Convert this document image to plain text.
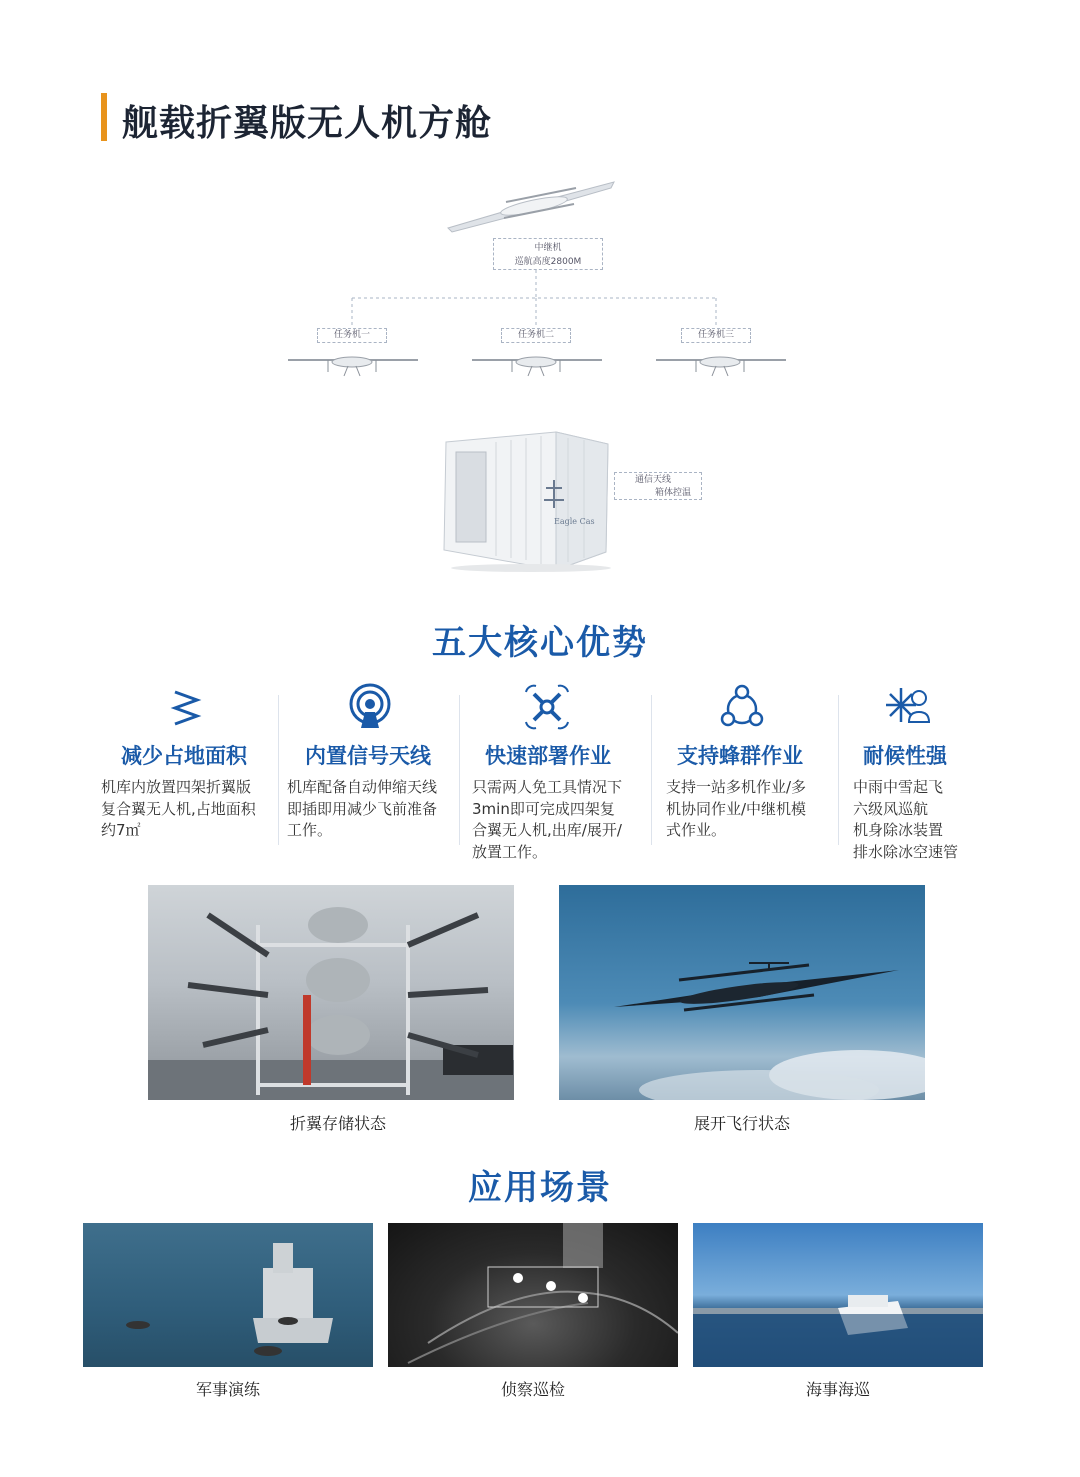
舰载折翼版无人机方舱
中继机
巡航高度2800M
任务机一	任务机二	任务机三
Eagle Cas
通信天线
箱体控温
五大核心优势
减少占地面积
机库内放置四架折翼版
复合翼无人机,占地面积
约7㎡
内置信号天线
机库配备自动伸缩天线
即插即用减少飞前准备
工作。
快速部署作业
只需两人免工具情况下
3min即可完成四架复
合翼无人机,出库/展开/
放置工作。
支持蜂群作业
支持一站多机作业/多
机协同作业/中继机模
式作业。
耐候性强
中雨中雪起飞
六级风巡航
机身除冰装置
排水除冰空速管
折翼存储状态	展开飞行状态
应用场景
军事演练	侦察巡检	海事海巡
